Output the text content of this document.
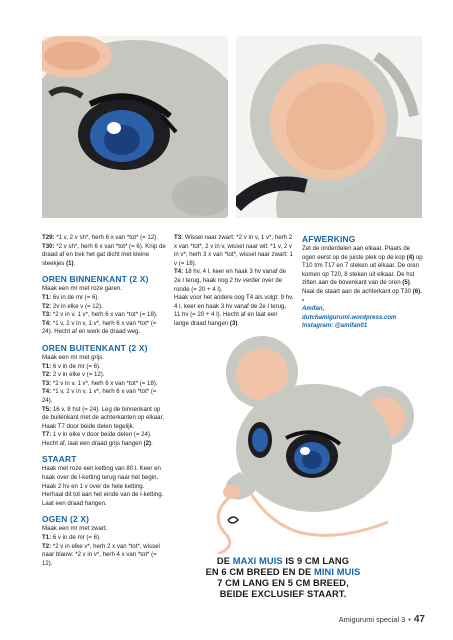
T29: *1 v, 2 v sh*, herh 6 x van *tot* (= 12).
T30: *2 v sh*, herh 6 x van *tot* (= 6). Knip de draad af en trek het gat dicht met kleine steekjes (1).
OREN BINNENKANT (2 X)
Maak een mr met roze garen.
T1: 6v in de mr (= 6).
T2: 2v in elke v (= 12).
T3: *2 v in v, 1 v*, herh 6 x van *tot* (= 18).
T4: *1 v, 2 v in v, 1 v*, herh 6 x van *tot* (= 24). Hecht af en werk de draad weg.
OREN BUITENKANT (2 X)
Maak een mr met grijs.
T1: 6 v in de mr (= 6).
T2: 2 v in elke v (= 12).
T3: *2 v in v, 1 v*, herh 6 x van *tot* (= 18).
T4: *1 v, 2 v in v, 1 v*, herh 6 x van *tot* (= 24).
T5: 16 v, 8 hst (= 24). Leg de binnenkant op de buitenkant met de achterkanten op elkaar. Haak T7 door beide delen tegelijk.
T7: 1 v in elke v door beide delen (= 24). Hecht af, laat een draad grijs hangen (2).
STAART
Haak met roze een ketting van 80 l. Keer en haak over de l-ketting terug naar het begin. Haak 2 hv en 1 v over de hele ketting. Herhaal dit tot aan het einde van de l-ketting. Laat een draad hangen.
OGEN (2 X)
Maak een mr met zwart.
T1: 6 v in de mr (= 6).
T2: *2 v in elke v*, herh 2 x van *tot*, wissel naar blauw: *2 v in v*, herh 4 x van *tot* (= 12).
T3: Wissel naar zwart: *2 v in v, 1 v*, herh 2 x van *tot*, 2 v in v, wissel naar wit: *1 v, 2 v in v*, herh 3 x van *tot*, wissel naar zwart: 1 v (= 18).
T4: 18 hv, 4 l, keer en haak 3 hv vanaf de 2e l terug, haak nog 2 hv verder over de ronde (= 20 + 4 l).
Haak voor het andere oog T4 als volgt: 9 hv, 4 l, keer en haak 3 hv vanaf de 2e l terug, 11 hv (= 20 + 4 l). Hecht af en laat een lange draad hangen (3).
AFWERKING
Zet de onderdelen aan elkaar. Plaats de ogen eerst op de juiste plek op de kop (4) op T10 t/m T17 en 7 steken uit elkaar. De oren komen op T20, 8 steken uit elkaar. De hst zitten aan de bovenkant van de oren (5). Naai de staart aan de achterkant op T30 (6). •
Amifan,
dutchamigurumi.wordpress.com
Instagram: @amifan01
DE MAXI MUIS IS 9 CM LANG
EN 6 CM BREED EN DE MINI MUIS
7 CM LANG EN 5 CM BREED,
BEIDE EXCLUSIEF STAART.
Amigurumi special 3 • 47
